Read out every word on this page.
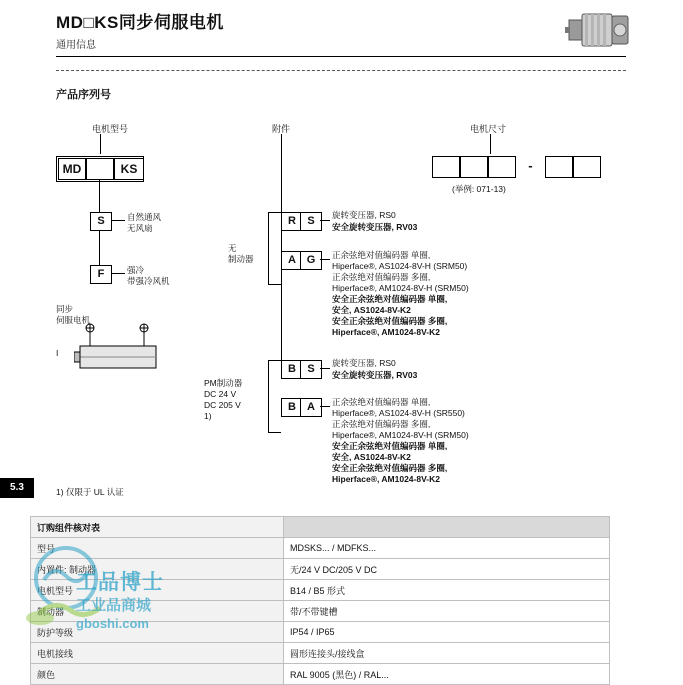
MD□KS同步伺服电机
通用信息
产品序列号
电机型号	附件	电机尺寸
MD	KS
S	自然通风
无风扇
F	强冷
带强冷风机
同步
伺服电机
I
无
制动器
PM制动器
DC 24 V
DC 205 V
1)
R	S	旋转变压器, RS0
安全旋转变压器, RV03
A G	正余弦绝对值编码器 单圈,
Hiperface®, AS1024-8V-H (SRM50)
正余弦绝对值编码器 多圈,
Hiperface®, AM1024-8V-H (SRM50)
安全正余弦绝对值编码器 单圈,
安全, AS1024-8V-K2
安全正余弦绝对值编码器 多圈,
Hiperface®, AM1024-8V-K2
B	S	旋转变压器, RS0
安全旋转变压器, RV03
B	A	正余弦绝对值编码器 单圈,
Hiperface®, AS1024-8V-H (SR550)
正余弦绝对值编码器 多圈,
Hiperface®, AM1024-8V-H (SRM50)
安全正余弦绝对值编码器 单圈,
安全, AS1024-8V-K2
安全正余弦绝对值编码器 多圈,
Hiperface®, AM1024-8V-K2
-
(举例: 071-13)
1) 仅限于 UL 认证
5.3
订购组件核对表	
型号	MDSKS... / MDFKS...
内置件: 制动器	无/24 V DC/205 V DC
电机型号	B14 / B5 形式
制动器	带/不带键槽
防护等级	IP54 / IP65
电机接线	圆形连接头/接线盒
颜色	RAL 9005 (黑色) / RAL...
工品博士
工业品商城
gboshi.com
